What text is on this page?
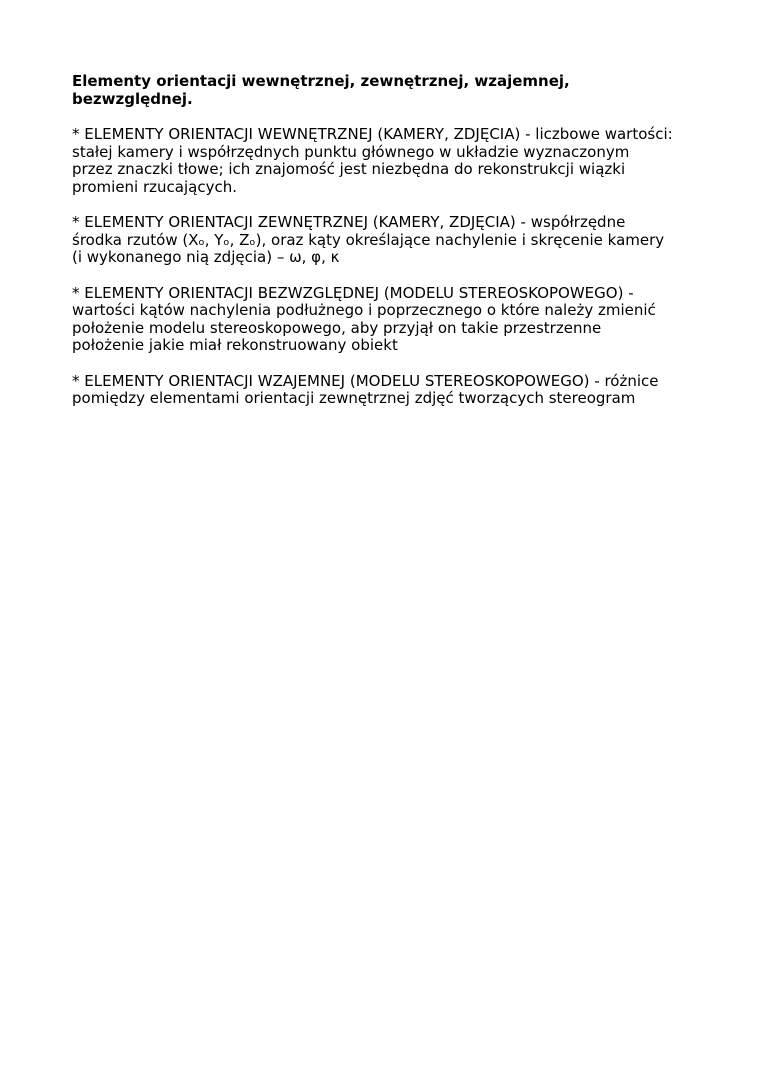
Elementy orientacji wewnętrznej, zewnętrznej, wzajemnej,
bezwzględnej.
* ELEMENTY ORIENTACJI WEWNĘTRZNEJ (KAMERY, ZDJĘCIA) - liczbowe wartości:
stałej kamery i współrzędnych punktu głównego w układzie wyznaczonym
przez znaczki tłowe; ich znajomość jest niezbędna do rekonstrukcji wiązki
promieni rzucających.
* ELEMENTY ORIENTACJI ZEWNĘTRZNEJ (KAMERY, ZDJĘCIA) - współrzędne
środka rzutów (Xₒ, Yₒ, Zₒ), oraz kąty określające nachylenie i skręcenie kamery
(i wykonanego nią zdjęcia) – ω, φ, κ
* ELEMENTY ORIENTACJI BEZWZGLĘDNEJ (MODELU STEREOSKOPOWEGO) -
wartości kątów nachylenia podłużnego i poprzecznego o które należy zmienić
położenie modelu stereoskopowego, aby przyjął on takie przestrzenne
położenie jakie miał rekonstruowany obiekt
* ELEMENTY ORIENTACJI WZAJEMNEJ (MODELU STEREOSKOPOWEGO) - różnice
pomiędzy elementami orientacji zewnętrznej zdjęć tworzących stereogram
